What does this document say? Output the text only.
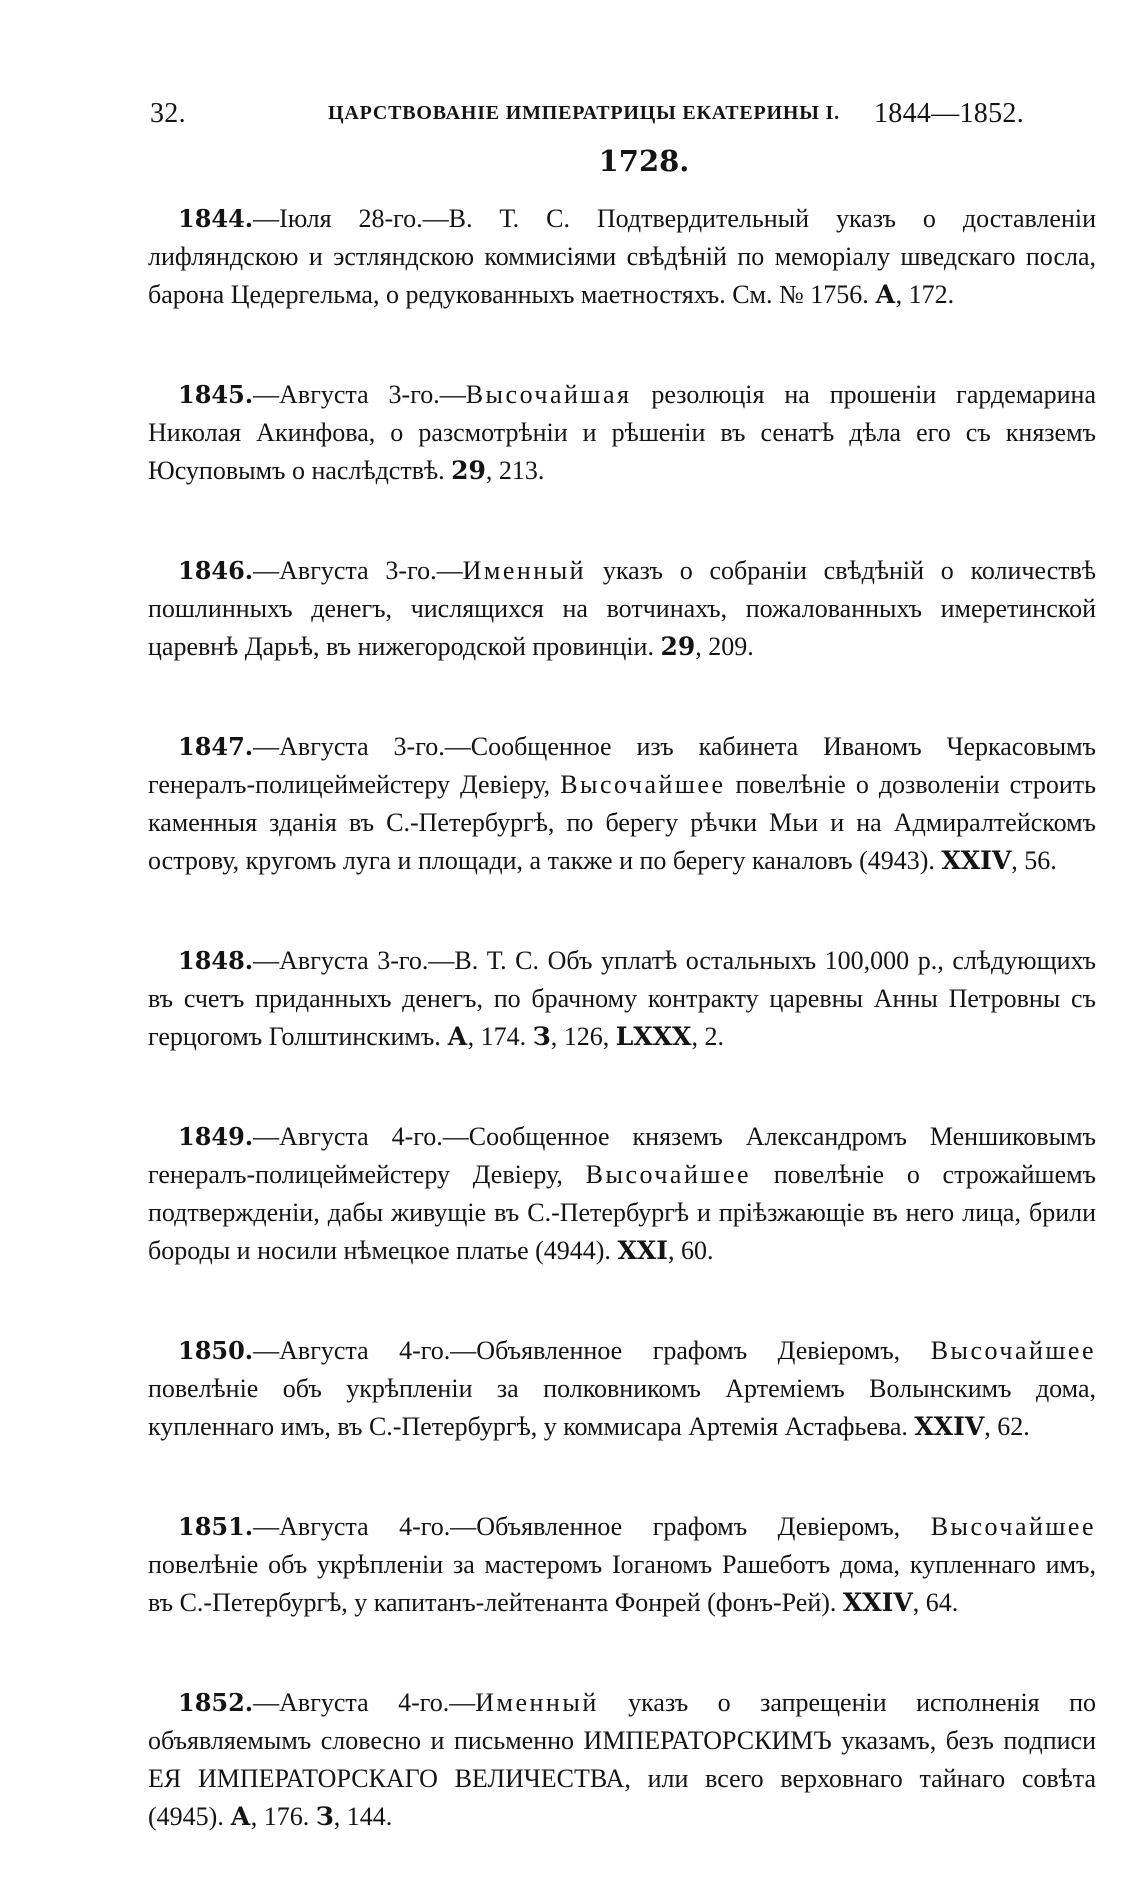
32.	ЦАРСТВОВАНІЕ ИМПЕРАТРИЦЫ ЕКАТЕРИНЫ I. 1844—1852.
1728.

1844.—Іюля 28-го.—В. Т. С. Подтвердительный указъ о доставленіи лифляндскою и эстляндскою коммисіями свѣдѣній по меморіалу шведскаго посла, барона Цедергельма, о редукованныхъ маетностяхъ. См. № 1756. А, 172.

1845.—Августа 3-го.—Высочайшая резолюція на прошеніи гардемарина Николая Акинфова, о разсмотрѣніи и рѣшеніи въ сенатѣ дѣла его съ княземъ Юсуповымъ о наслѣдствѣ. 29, 213.

1846.—Августа 3-го.—Именный указъ о собраніи свѣдѣній о количествѣ пошлинныхъ денегъ, числящихся на вотчинахъ, пожалованныхъ имеретинской царевнѣ Дарьѣ, въ нижегородской провинціи. 29, 209.

1847.—Августа 3-го.—Сообщенное изъ кабинета Иваномъ Черкасовымъ генералъ-полицеймейстеру Девіеру, Высочайшее повелѣніе о дозволеніи строить каменныя зданія въ С.-Петербургѣ, по берегу рѣчки Мьи и на Адмиралтейскомъ острову, кругомъ луга и площади, а также и по берегу каналовъ (4943). XXIV, 56.

1848.—Августа 3-го.—В. Т. С. Объ уплатѣ остальныхъ 100,000 р., слѣдующихъ въ счетъ приданныхъ денегъ, по брачному контракту царевны Анны Петровны съ герцогомъ Голштинскимъ. А, 174. З, 126, LXXX, 2.

1849.—Августа 4-го.—Сообщенное княземъ Александромъ Меншиковымъ генералъ-полицеймейстеру Девіеру, Высочайшее повелѣніе о строжайшемъ подтвержденіи, дабы живущіе въ С.-Петербургѣ и пріѣзжающіе въ него лица, брили бороды и носили нѣмецкое платье (4944). XXI, 60.

1850.—Августа 4-го.—Объявленное графомъ Девіеромъ, Высочайшее повелѣніе объ укрѣпленіи за полковникомъ Артеміемъ Волынскимъ дома, купленнаго имъ, въ С.-Петербургѣ, у коммисара Артемія Астафьева. XXIV, 62.

1851.—Августа 4-го.—Объявленное графомъ Девіеромъ, Высочайшее повелѣніе объ укрѣпленіи за мастеромъ Іоганомъ Рашеботъ дома, купленнаго имъ, въ С.-Петербургѣ, у капитанъ-лейтенанта Фонрей (фонъ-Рей). XXIV, 64.

1852.—Августа 4-го.—Именный указъ о запрещеніи исполненія по объявляемымъ словесно и письменно ИМПЕРАТОРСКИМЪ указамъ, безъ подписи ЕЯ ИМПЕРАТОРСКАГО ВЕЛИЧЕСТВА, или всего верховнаго тайнаго совѣта (4945). А, 176. З, 144.
